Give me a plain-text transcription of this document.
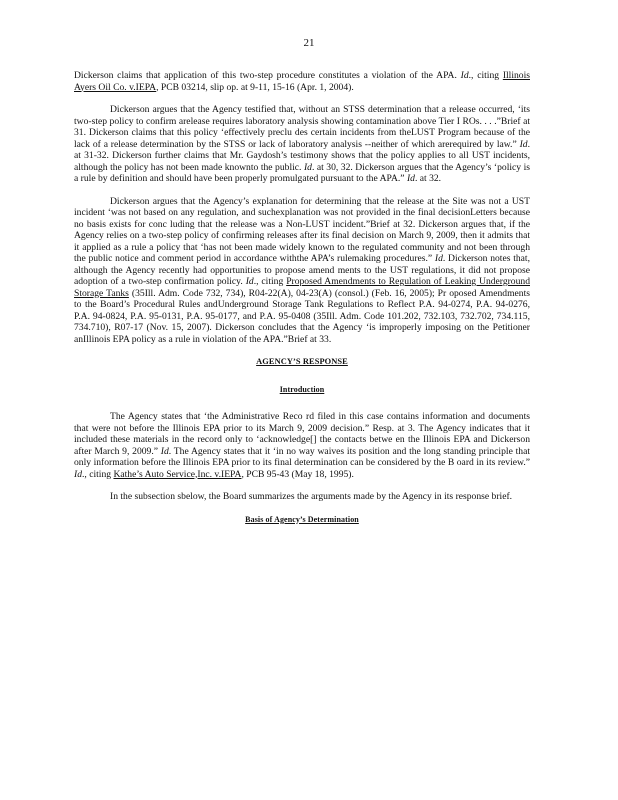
21

Dickerson claims that application of this two-step procedure constitutes a violation of the APA. Id., citing Illinois Ayers Oil Co. v.IEPA, PCB 03214, slip op. at 9-11, 15-16 (Apr. 1, 2004).

Dickerson argues that the Agency testified that, without an STSS determination that a release occurred, ‘its two-step policy to confirm arelease requires laboratory analysis showing contamination above Tier I ROs. . . .”Brief at 31. Dickerson claims that this policy ‘effectively preclu des certain incidents from theLUST Program because of the lack of a release determination by the STSS or lack of laboratory analysis --neither of which arerequired by law.” Id. at 31-32. Dickerson further claims that Mr. Gaydosh’s testimony shows that the policy applies to all UST incidents, although the policy has not been made knownto the public. Id. at 30, 32. Dickerson argues that the Agency’s ‘policy is a rule by definition and should have been properly promulgated pursuant to the APA.” Id. at 32.

Dickerson argues that the Agency’s explanation for determining that the release at the Site was not a UST incident ‘was not based on any regulation, and suchexplanation was not provided in the final decisionLetters because no basis exists for conc luding that the release was a Non-LUST incident.”Brief at 32. Dickerson argues that, if the Agency relies on a two-step policy of confirming releases after its final decision on March 9, 2009, then it admits that it applied as a rule a policy that ‘has not been made widely known to the regulated community and not been through the public notice and comment period in accordance withthe APA’s rulemaking procedures.” Id. Dickerson notes that, although the Agency recently had opportunities to propose amend ments to the UST regulations, it did not propose adoption of a two-step confirmation policy. Id., citing Proposed Amendments to Regulation of Leaking Underground Storage Tanks (35Ill. Adm. Code 732, 734), R04-22(A), 04-23(A) (consol.) (Feb. 16, 2005); Pr oposed Amendments to the Board’s Procedural Rules andUnderground Storage Tank Regulations to Reflect P.A. 94-0274, P.A. 94-0276, P.A. 94-0824, P.A. 95-0131, P.A. 95-0177, and P.A. 95-0408 (35Ill. Adm. Code 101.202, 732.103, 732.702, 734.115, 734.710), R07-17 (Nov. 15, 2007). Dickerson concludes that the Agency ‘is improperly imposing on the Petitioner anIllinois EPA policy as a rule in violation of the APA.”Brief at 33.

AGENCY’S RESPONSE
Introduction

The Agency states that ‘the Administrative Reco rd filed in this case contains information and documents that were not before the Illinois EPA prior to its March 9, 2009 decision.” Resp. at 3. The Agency indicates that it included these materials in the record only to ‘acknowledge[] the contacts betwe en the Illinois EPA and Dickerson after March 9, 2009.” Id. The Agency states that it ‘in no way waives its position and the long standing principle that only information before the Illinois EPA prior to its final determination can be considered by the B oard in its review.” Id., citing Kathe’s Auto Service,Inc. v.IEPA, PCB 95-43 (May 18, 1995).

In the subsection sbelow, the Board summarizes the arguments made by the Agency in its response brief.

Basis of Agency’s Determination
